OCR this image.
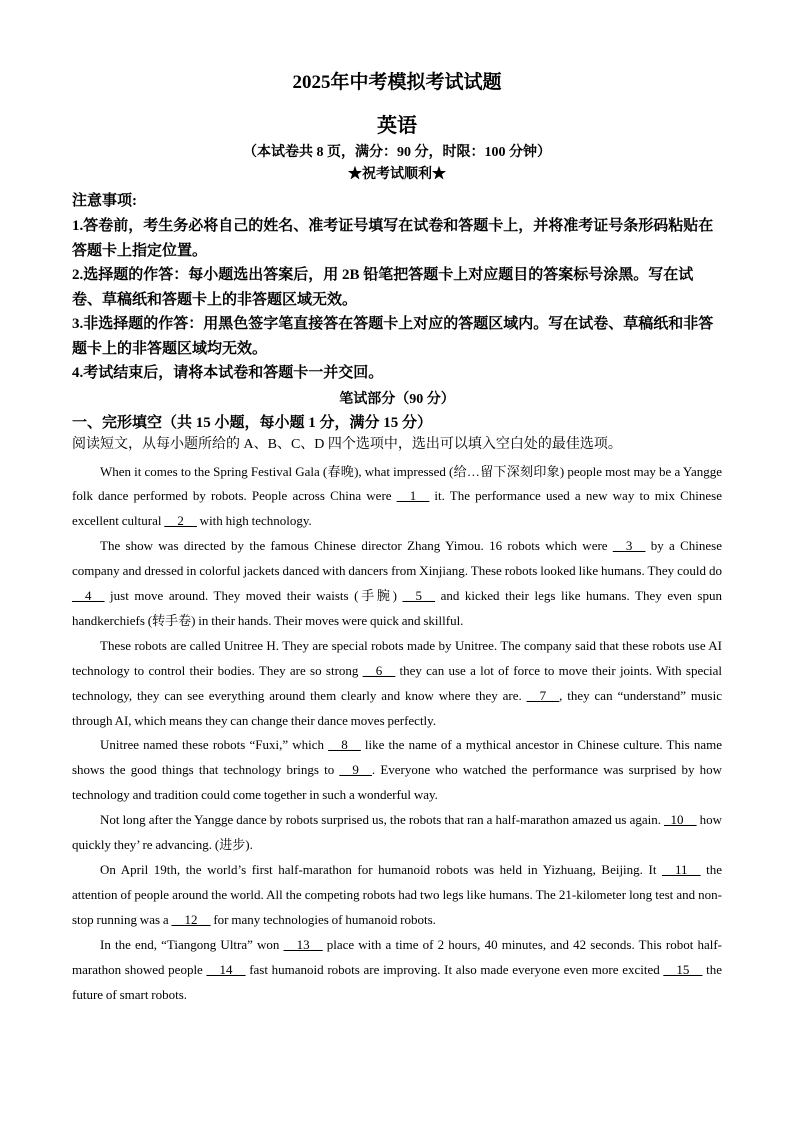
2025年中考模拟考试试题
英语
（本试卷共 8 页，满分：90 分，时限：100 分钟）
★祝考试顺利★
注意事项:

1.答卷前，考生务必将自己的姓名、准考证号填写在试卷和答题卡上，并将准考证号条形码粘贴在答题卡上指定位置。

2.选择题的作答：每小题选出答案后，用 2B 铅笔把答题卡上对应题目的答案标号涂黑。写在试卷、草稿纸和答题卡上的非答题区域无效。

3.非选择题的作答：用黑色签字笔直接答在答题卡上对应的答题区域内。写在试卷、草稿纸和非答题卡上的非答题区域均无效。

4.考试结束后，请将本试卷和答题卡一并交回。

笔试部分（90 分）
一、完形填空（共 15 小题，每小题 1 分，满分 15 分）
阅读短文，从每小题所给的 A、B、C、D 四个选项中，选出可以填入空白处的最佳选项。

When it comes to the Spring Festival Gala (春晚), what impressed (给…留下深刻印象) people most may be a Yangge folk dance performed by robots. People across China were __1__ it. The performance used a new way to mix Chinese excellent cultural __2__ with high technology.

The show was directed by the famous Chinese director Zhang Yimou. 16 robots which were __3__ by a Chinese company and dressed in colorful jackets danced with dancers from Xinjiang. These robots looked like humans. They could do __4__ just move around. They moved their waists (手腕) __5__ and kicked their legs like humans. They even spun handkerchiefs (转手卷) in their hands. Their moves were quick and skillful.

These robots are called Unitree H. They are special robots made by Unitree. The company said that these robots use AI technology to control their bodies. They are so strong __6__ they can use a lot of force to move their joints. With special technology, they can see everything around them clearly and know where they are. __7__, they can “understand” music through AI, which means they can change their dance moves perfectly.

Unitree named these robots “Fuxi,” which __8__ like the name of a mythical ancestor in Chinese culture. This name shows the good things that technology brings to __9__. Everyone who watched the performance was surprised by how technology and tradition could come together in such a wonderful way.

Not long after the Yangge dance by robots surprised us, the robots that ran a half-marathon amazed us again. _10__ how quickly they’ re advancing. (进步).

On April 19th, the world’s first half-marathon for humanoid robots was held in Yizhuang, Beijing. It __11__ the attention of people around the world. All the competing robots had two legs like humans. The 21-kilometer long test and non-stop running was a __12__ for many technologies of humanoid robots.

In the end, “Tiangong Ultra” won __13__ place with a time of 2 hours, 40 minutes, and 42 seconds. This robot half-marathon showed people __14__ fast humanoid robots are improving. It also made everyone even more excited __15__ the future of smart robots.
